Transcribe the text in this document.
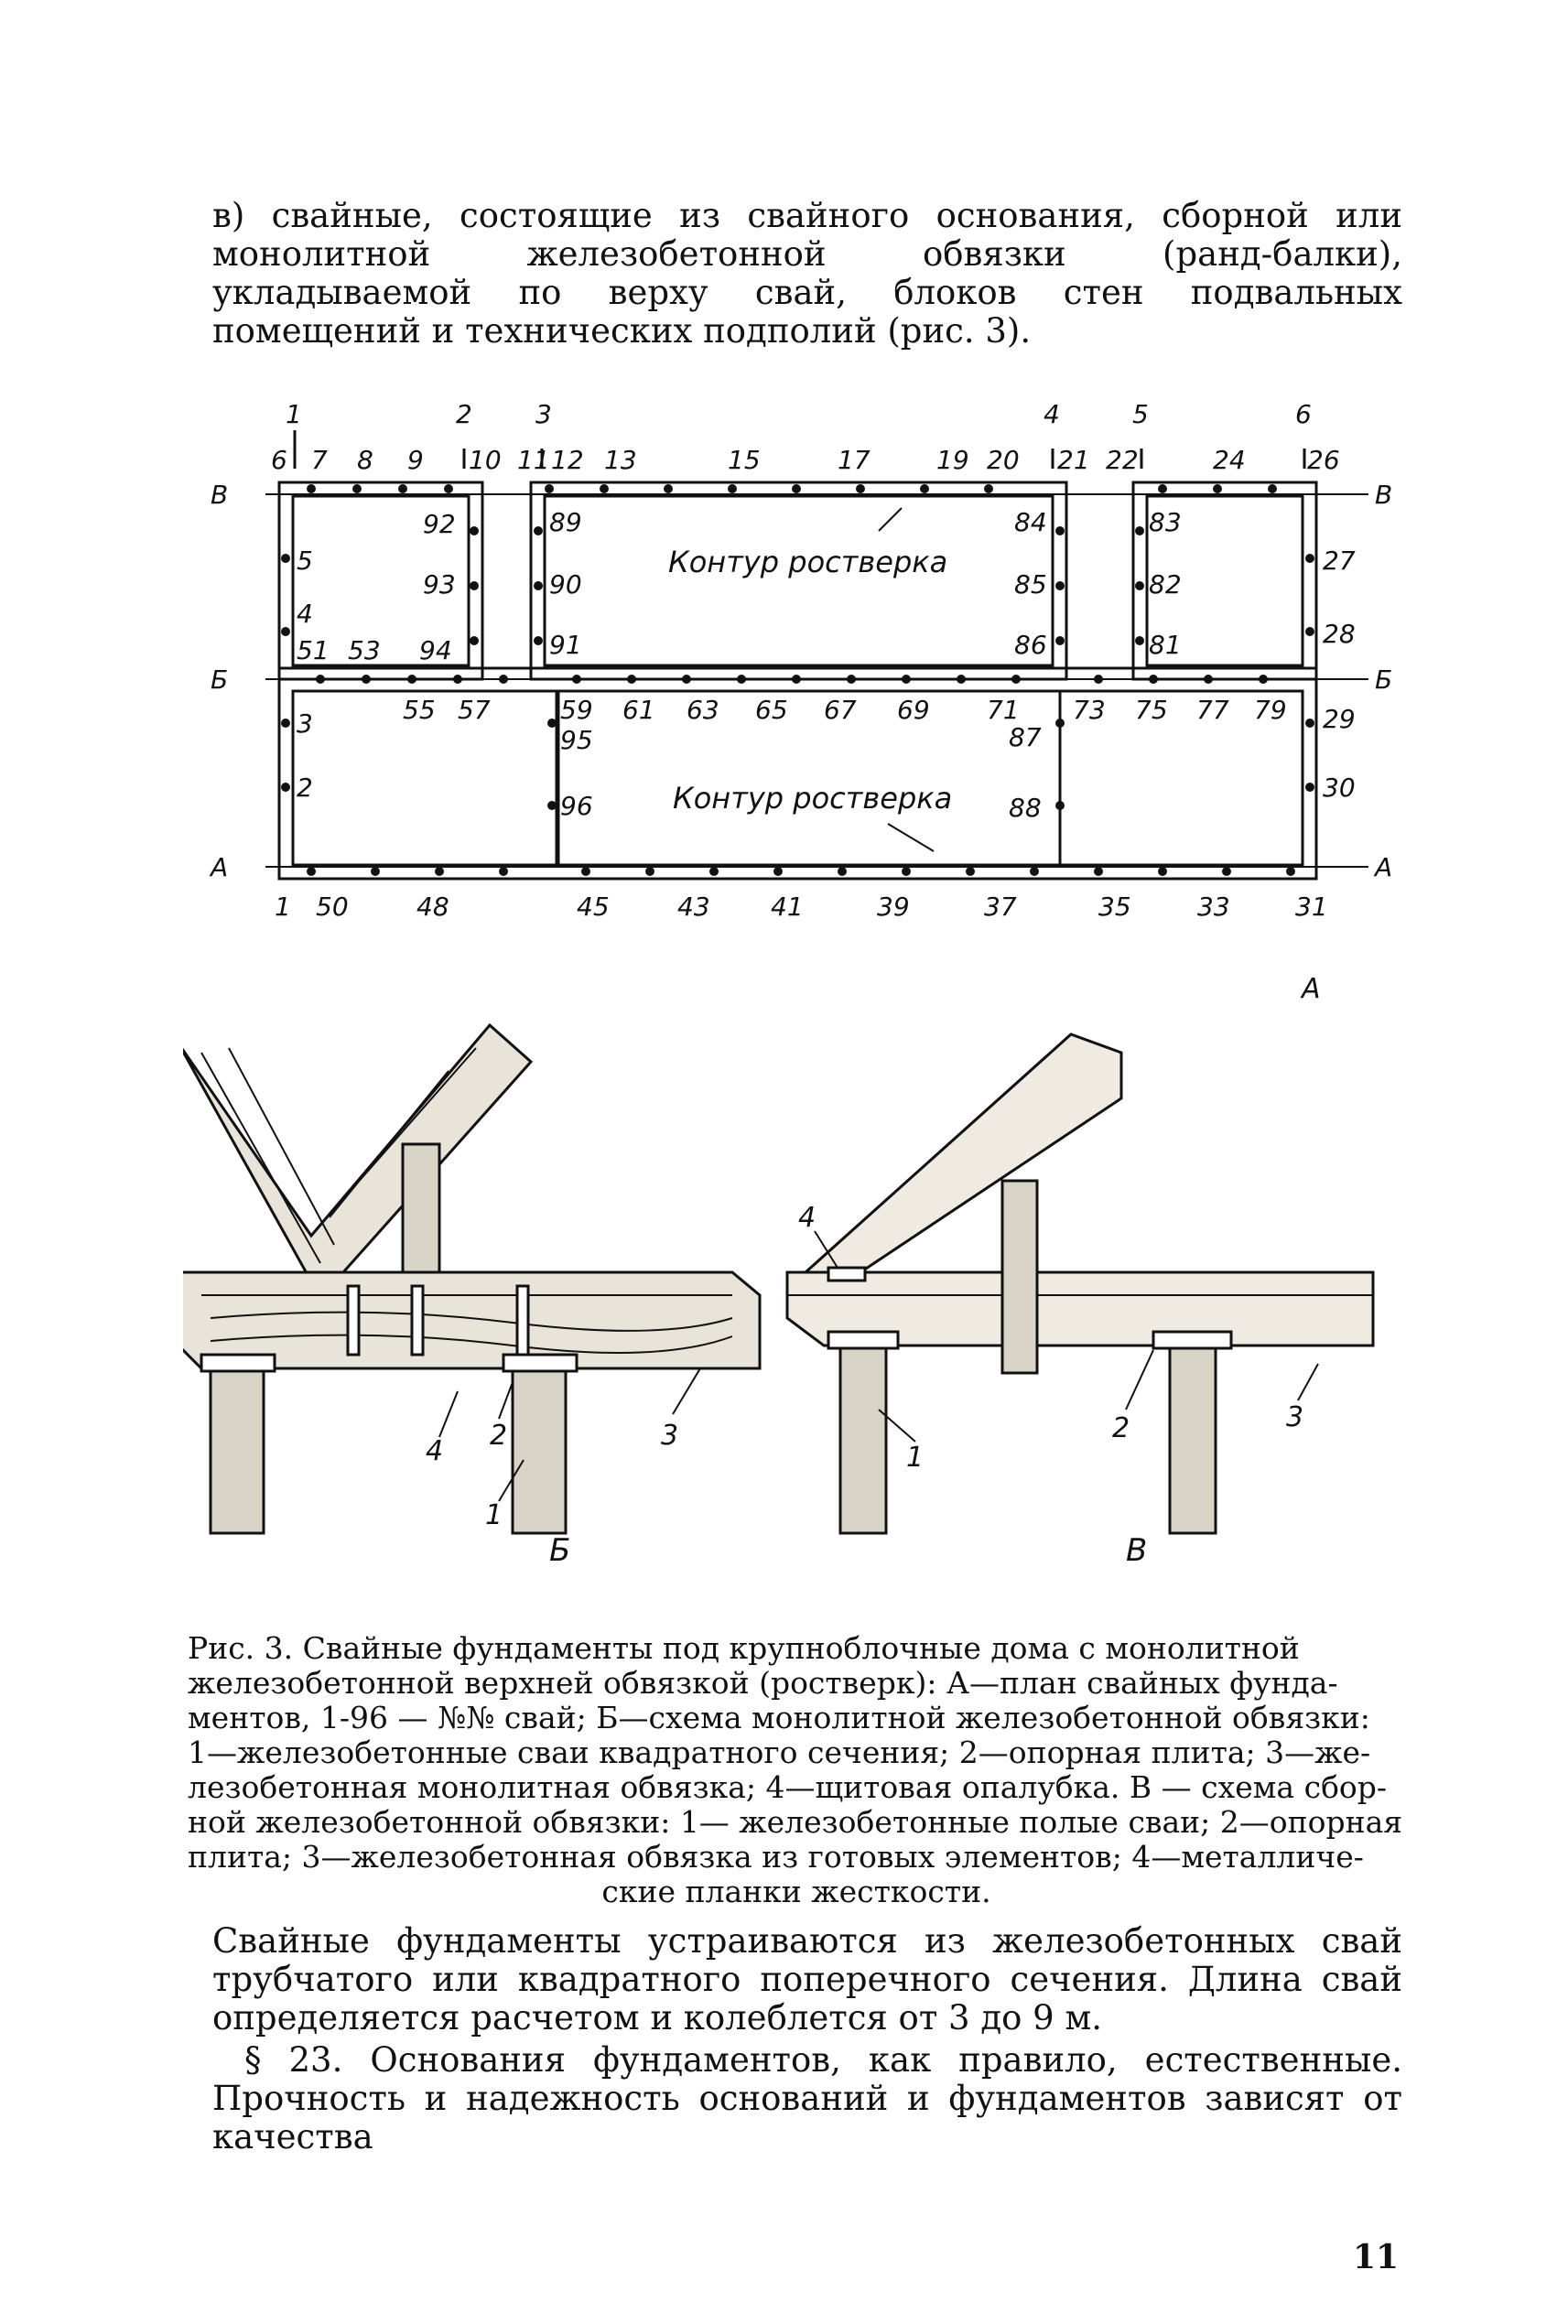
в) свайные, состоящие из свайного основания, сборной или монолитной железобетонной обвязки (ранд-балки), укладываемой по верху свай, блоков стен подвальных помещений и технических подполий (рис. 3).

1	2 3	4	5	6
В	В
Б	Б
А	А
6 7 8 9 10 11 12 13	15	17	19 20 21 22	24 26
5
4
3
2
51 53 94
55 57	59 61 63 65 67 69 71 73 75 77 79
92
93
89
90
91
95
96
84
85
86
87
88
83
82
81
27
28
29
30
1 50	48	45	43 41	39	37	35	33	31
Контур ростверка
Контур ростверка
А
4 2	3
1
Б
4
1
2	3
В

Рис. 3. Свайные фундаменты под крупноблочные дома с монолитной

железобетонной верхней обвязкой (ростверк): А—план свайных фунда-

ментов, 1-96 — №№ свай; Б—схема монолитной железобетонной обвязки:

1—железобетонные сваи квадратного сечения; 2—опорная плита; 3—же-

лезобетонная монолитная обвязка; 4—щитовая опалубка. В — схема сбор-

ной железобетонной обвязки: 1— железобетонные полые сваи; 2—опорная

плита; 3—железобетонная обвязка из готовых элементов; 4—металличе-

ские планки жесткости.

Свайные фундаменты устраиваются из железобетонных свай трубчатого или квадратного поперечного сечения. Длина свай определяется расчетом и колеблется от 3 до 9 м.

§ 23. Основания фундаментов, как правило, естественные. Прочность и надежность оснований и фундаментов зависят от качества

11
